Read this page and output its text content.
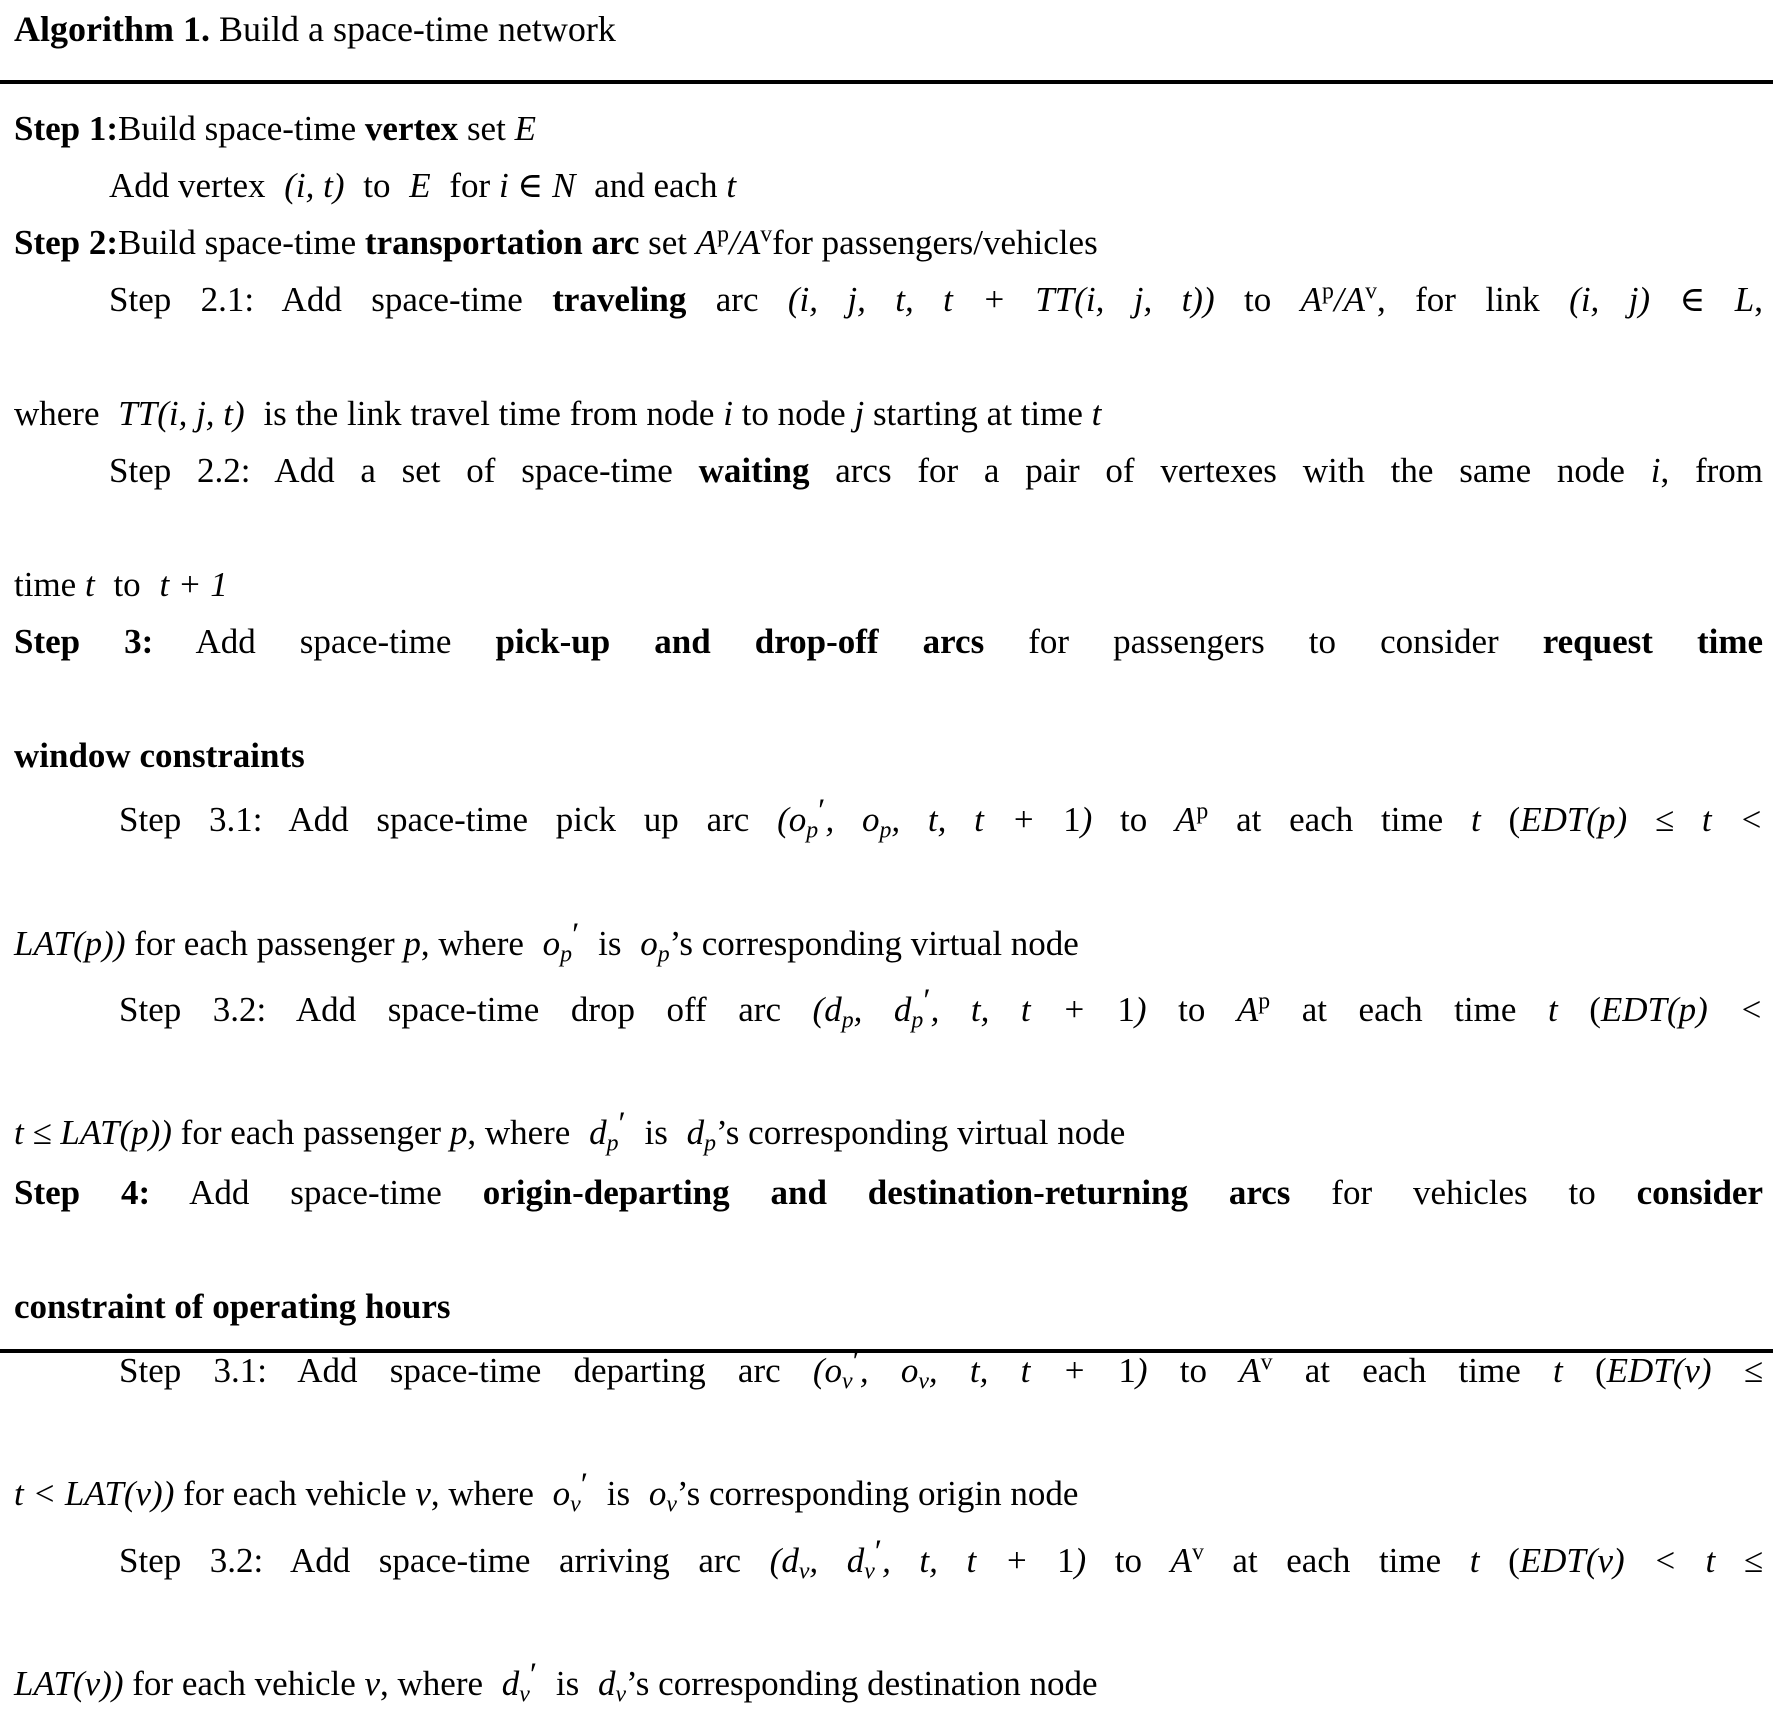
Algorithm 1. Build a space-time network
Step 1:Build space-time vertex set E
Add vertex (i, t) to E for i ∈ N and each t
Step 2:Build space-time transportation arc set $A^p/A^vfor$ passengers/vehicles
Step 2.1: Add space-time traveling arc (i, j, t, t + TT(i, j, t)) to $A^p/A^v$, for link (i, j) ∈ L,
where TT(i, j, t) is the link travel time from node i to node j starting at time t
Step 2.2: Add a set of space-time waiting arcs for a pair of vertexes with the same node i, from
time t to t + 1
Step 3: Add space-time pick-up and drop-off arcs for passengers to consider request time
window constraints
Step 3.1: Add space-time pick up arc ($o_p'$, $o_p$, t, t + 1) to $A^p$ at each time t (EDT(p) ≤ t <
LAT(p)) for each passenger p, where $o_p'$ is $o_p’s$ corresponding virtual node
Step 3.2: Add space-time drop off arc ($d_p$, $d_p'$, t, t + 1) to $A^p$ at each time t (EDT(p) <
t ≤ LAT(p)) for each passenger p, where $d_p'$ is $d_p’s$ corresponding virtual node
Step 4: Add space-time origin-departing and destination-returning arcs for vehicles to consider
constraint of operating hours
Step 3.1: Add space-time departing arc ($o_v'$, $o_v$, t, t + 1) to $A^v$ at each time t (EDT(v) ≤
t < LAT(v)) for each vehicle v, where $o_v'$ is $o_v’s$ corresponding origin node
Step 3.2: Add space-time arriving arc ($d_v$, $d_v'$, t, t + 1) to $A^v$ at each time t (EDT(v) < t ≤
LAT(v)) for each vehicle v, where $d_v'$ is $d_v’s$ corresponding destination node
